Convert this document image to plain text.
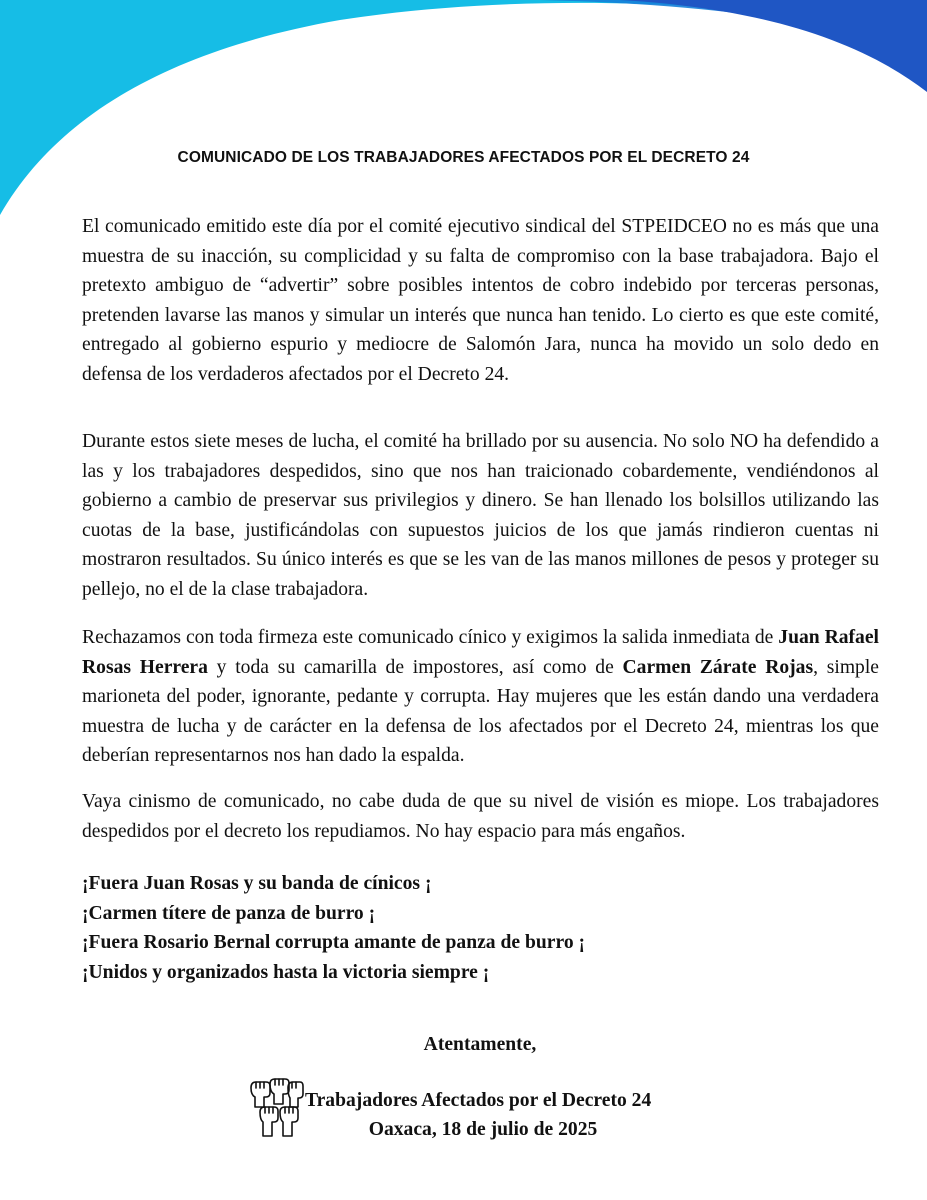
COMUNICADO DE LOS TRABAJADORES AFECTADOS POR EL DECRETO 24
El comunicado emitido este día por el comité ejecutivo sindical del STPEIDCEO no es más que una muestra de su inacción, su complicidad y su falta de compromiso con la base trabajadora. Bajo el pretexto ambiguo de “advertir” sobre posibles intentos de cobro indebido por terceras personas, pretenden lavarse las manos y simular un interés que nunca han tenido. Lo cierto es que este comité, entregado al gobierno espurio y mediocre de Salomón Jara, nunca ha movido un solo dedo en defensa de los verdaderos afectados por el Decreto 24.
Durante estos siete meses de lucha, el comité ha brillado por su ausencia. No solo NO ha defendido a las y los trabajadores despedidos, sino que nos han traicionado cobardemente, vendiéndonos al gobierno a cambio de preservar sus privilegios y dinero. Se han llenado los bolsillos utilizando las cuotas de la base, justificándolas con supuestos juicios de los que jamás rindieron cuentas ni mostraron resultados. Su único interés es que se les van de las manos millones de pesos y proteger su pellejo, no el de la clase trabajadora.
Rechazamos con toda firmeza este comunicado cínico y exigimos la salida inmediata de Juan Rafael Rosas Herrera y toda su camarilla de impostores, así como de Carmen Zárate Rojas, simple marioneta del poder, ignorante, pedante y corrupta. Hay mujeres que les están dando una verdadera muestra de lucha y de carácter en la defensa de los afectados por el Decreto 24, mientras los que deberían representarnos nos han dado la espalda.
Vaya cinismo de comunicado, no cabe duda de que su nivel de visión es miope. Los trabajadores despedidos por el decreto los repudiamos. No hay espacio para más engaños.
¡Fuera Juan Rosas y su banda de cínicos ¡
¡Carmen títere de panza de burro ¡
¡Fuera Rosario Bernal corrupta amante de panza de burro ¡
¡Unidos y organizados hasta la victoria siempre ¡
Atentamente,
Trabajadores Afectados por el Decreto 24
Oaxaca, 18 de julio de 2025
